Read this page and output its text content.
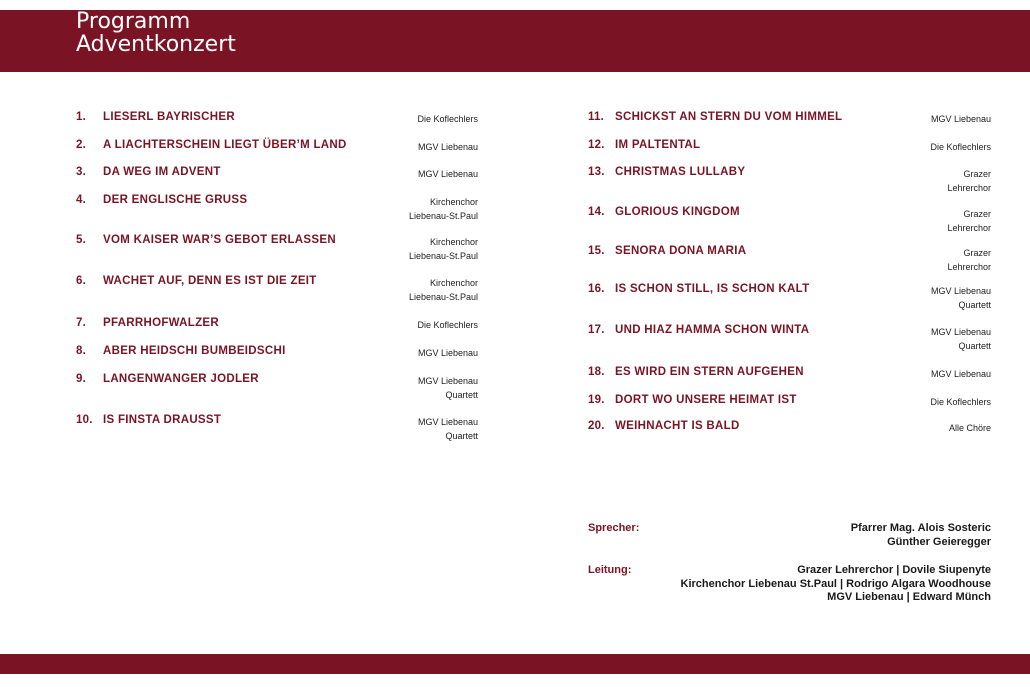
Programm
Adventkonzert
1. LIESERL BAYRISCHER	Die Koflechlers
2. A LIACHTERSCHEIN LIEGT ÜBER’M LAND	MGV Liebenau
3. DA WEG IM ADVENT	MGV Liebenau
4. DER ENGLISCHE GRUSS	Kirchenchor
Liebenau-St.Paul
5. VOM KAISER WAR’S GEBOT ERLASSEN	Kirchenchor
Liebenau-St.Paul
6. WACHET AUF, DENN ES IST DIE ZEIT	Kirchenchor
Liebenau-St.Paul
7. PFARRHOFWALZER	Die Koflechlers
8. ABER HEIDSCHI BUMBEIDSCHI	MGV Liebenau
9. LANGENWANGER JODLER	MGV Liebenau
Quartett
10. IS FINSTA DRAUSST	MGV Liebenau
Quartett
11. SCHICKST AN STERN DU VOM HIMMEL	MGV Liebenau
12. IM PALTENTAL	Die Koflechlers
13. CHRISTMAS LULLABY	Grazer
Lehrerchor
14. GLORIOUS KINGDOM	Grazer
Lehrerchor
15. SENORA DONA MARIA	Grazer
Lehrerchor
16. IS SCHON STILL, IS SCHON KALT	MGV Liebenau
Quartett
17. UND HIAZ HAMMA SCHON WINTA	MGV Liebenau
Quartett
18. ES WIRD EIN STERN AUFGEHEN	MGV Liebenau
19. DORT WO UNSERE HEIMAT IST	Die Koflechlers
20. WEIHNACHT IS BALD	Alle Chöre
Sprecher:	Pfarrer Mag. Alois Sosteric
Günther Geieregger
Leitung:	Grazer Lehrerchor | Dovile Siupenyte
Kirchenchor Liebenau St.Paul | Rodrigo Algara Woodhouse
MGV Liebenau | Edward Münch
